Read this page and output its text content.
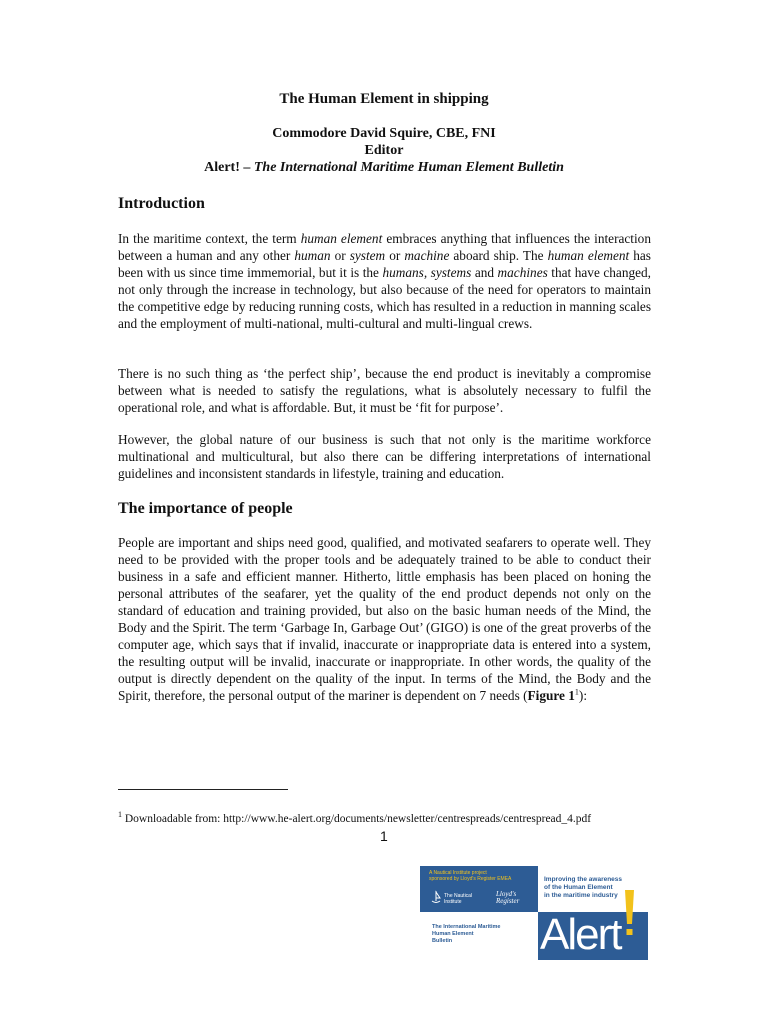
The Human Element in shipping
Commodore David Squire, CBE, FNI
Editor
Alert! – The International Maritime Human Element Bulletin
Introduction

In the maritime context, the term human element embraces anything that influences the interaction between a human and any other human or system or machine aboard ship. The human element has been with us since time immemorial, but it is the humans, systems and machines that have changed, not only through the increase in technology, but also because of the need for operators to maintain the competitive edge by reducing running costs, which has resulted in a reduction in manning scales and the employment of multi-national, multi-cultural and multi-lingual crews.

There is no such thing as ‘the perfect ship’, because the end product is inevitably a compromise between what is needed to satisfy the regulations, what is absolutely necessary to fulfil the operational role, and what is affordable. But, it must be ‘fit for purpose’.

However, the global nature of our business is such that not only is the maritime workforce multinational and multicultural, but also there can be differing interpretations of international guidelines and inconsistent standards in lifestyle, training and education.

The importance of people

People are important and ships need good, qualified, and motivated seafarers to operate well. They need to be provided with the proper tools and be adequately trained to be able to conduct their business in a safe and efficient manner. Hitherto, little emphasis has been placed on honing the personal attributes of the seafarer, yet the quality of the end product depends not only on the standard of education and training provided, but also on the basic human needs of the Mind, the Body and the Spirit. The term ‘Garbage In, Garbage Out’ (GIGO) is one of the great proverbs of the computer age, which says that if invalid, inaccurate or inappropriate data is entered into a system, the resulting output will be invalid, inaccurate or inappropriate. In other words, the quality of the output is directly dependent on the quality of the input. In terms of the Mind, the Body and the Spirit, therefore, the personal output of the mariner is dependent on 7 needs (Figure $1^1$):

$^1$ Downloadable from: http://www.he-alert.org/documents/newsletter/centrespreads/centrespread_4.pdf
1
A Nautical Institute project
sponsored by Lloyd's Register EMEA
The Nautical
Institute
Lloyd's
Register
Improving the awareness
of the Human Element
in the maritime industry
The International Maritime
Human Element
Bulletin	Alert
